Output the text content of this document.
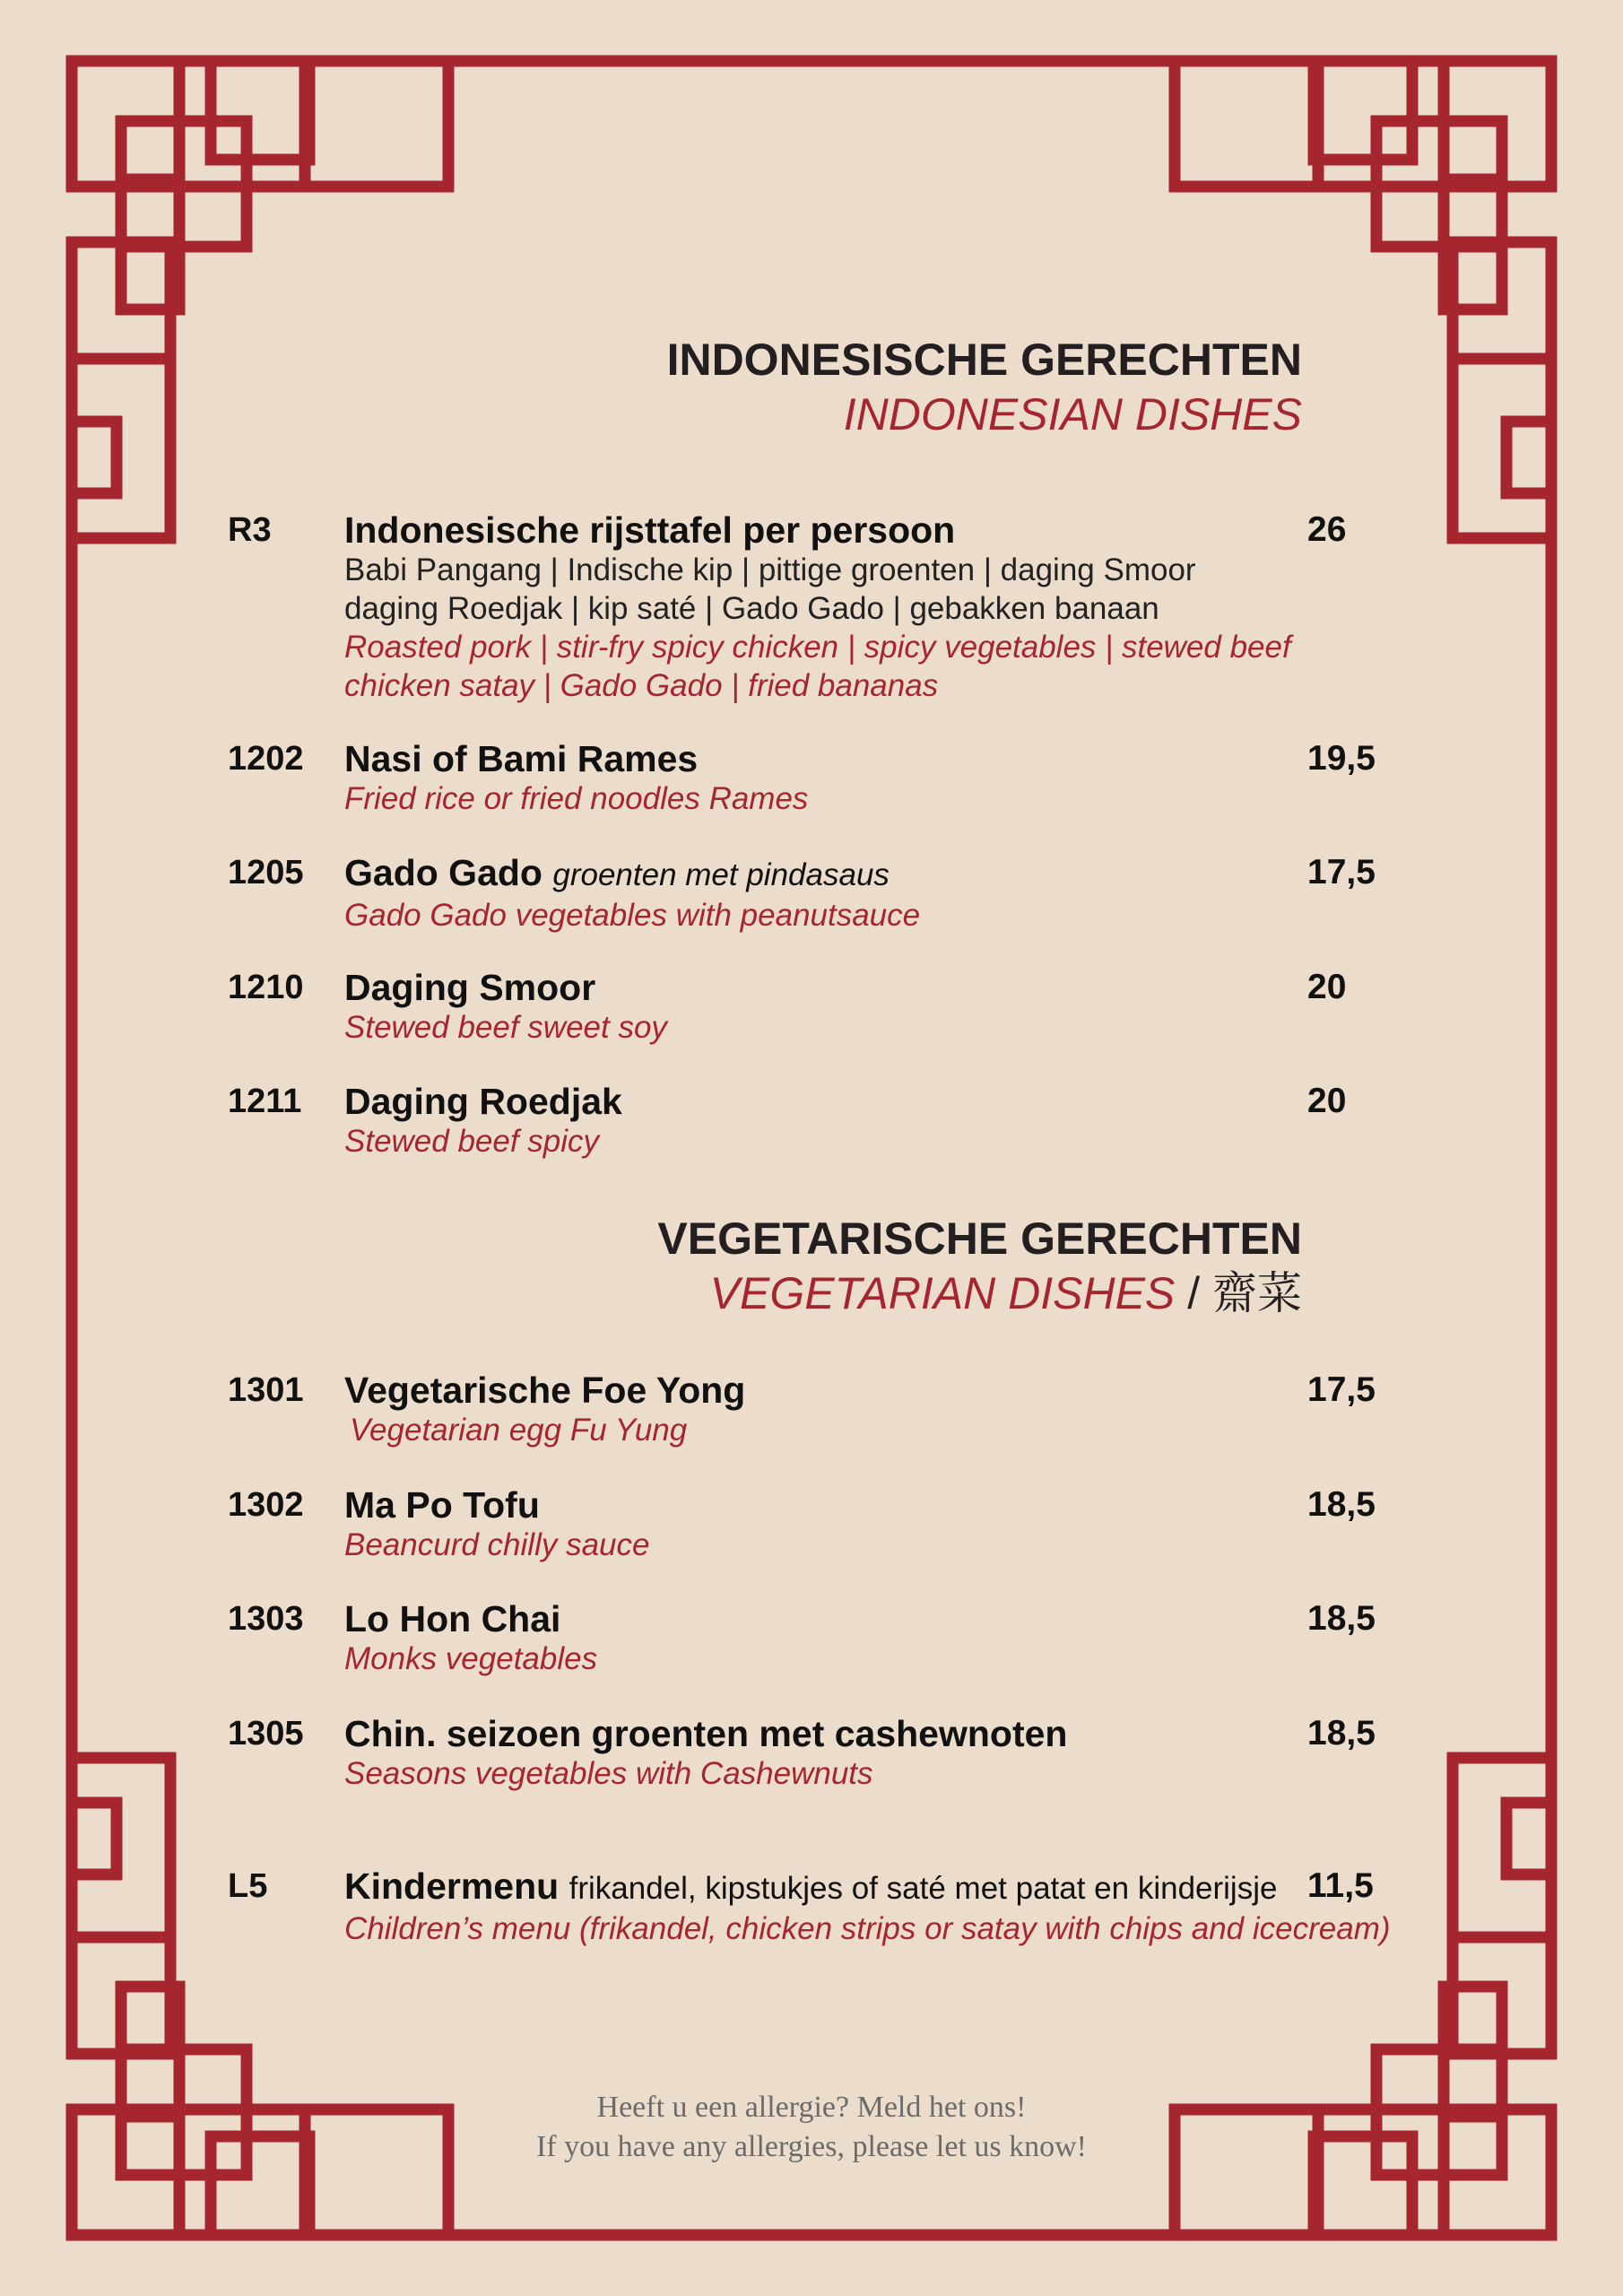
INDONESISCHE GERECHTEN
INDONESIAN DISHES
R3 Indonesische rijsttafel per persoon
Babi Pangang | Indische kip | pittige groenten | daging Smoor
daging Roedjak | kip saté | Gado Gado | gebakken banaan
Roasted pork | stir-fry spicy chicken | spicy vegetables | stewed beef
chicken satay | Gado Gado | fried bananas
26
1202 Nasi of Bami Rames
Fried rice or fried noodles Rames
19,5
1205 Gado Gado groenten met pindasaus
Gado Gado vegetables with peanutsauce
17,5
1210 Daging Smoor
Stewed beef sweet soy
20
1211 Daging Roedjak
Stewed beef spicy
20
VEGETARISCHE GERECHTEN
VEGETARIAN DISHES / 齋菜
1301 Vegetarische Foe Yong
Vegetarian egg Fu Yung
17,5
1302 Ma Po Tofu
Beancurd chilly sauce
18,5
1303 Lo Hon Chai
Monks vegetables
18,5
1305 Chin. seizoen groenten met cashewnoten
Seasons vegetables with Cashewnuts
18,5
L5 Kindermenu frikandel, kipstukjes of saté met patat en kinderijsje
Children’s menu (frikandel, chicken strips or satay with chips and icecream)
11,5
Heeft u een allergie? Meld het ons!
If you have any allergies, please let us know!
